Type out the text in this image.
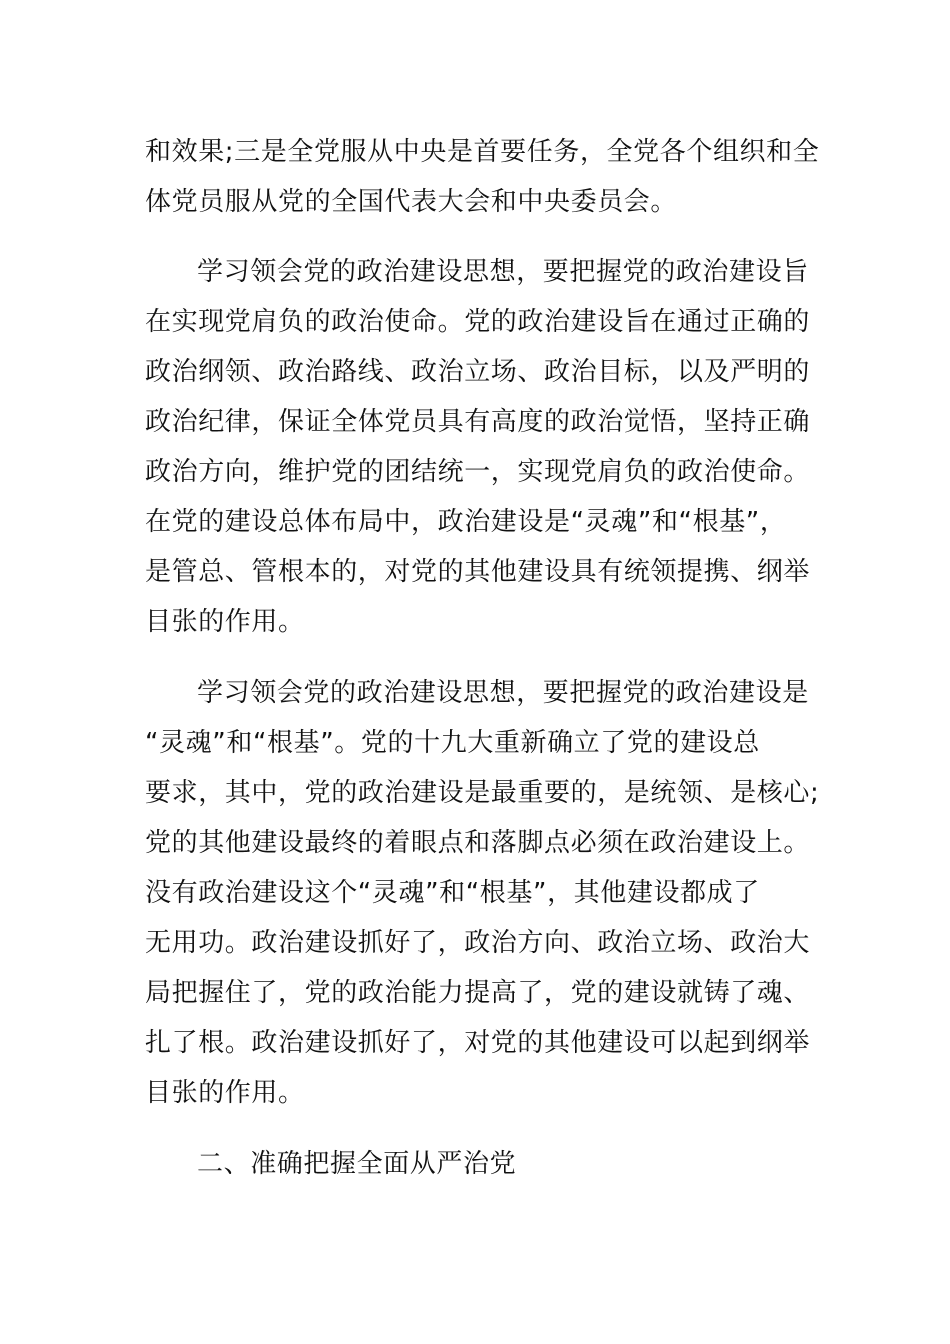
和效果;三是全党服从中央是首要任务，全党各个组织和全
体党员服从党的全国代表大会和中央委员会。
学习领会党的政治建设思想，要把握党的政治建设旨
在实现党肩负的政治使命。党的政治建设旨在通过正确的
政治纲领、政治路线、政治立场、政治目标，以及严明的
政治纪律，保证全体党员具有高度的政治觉悟，坚持正确
政治方向，维护党的团结统一，实现党肩负的政治使命。
在党的建设总体布局中，政治建设是“灵魂”和“根基”，
是管总、管根本的，对党的其他建设具有统领提携、纲举
目张的作用。
学习领会党的政治建设思想，要把握党的政治建设是
“灵魂”和“根基”。党的十九大重新确立了党的建设总
要求，其中，党的政治建设是最重要的，是统领、是核心;
党的其他建设最终的着眼点和落脚点必须在政治建设上。
没有政治建设这个“灵魂”和“根基”，其他建设都成了
无用功。政治建设抓好了，政治方向、政治立场、政治大
局把握住了，党的政治能力提高了，党的建设就铸了魂、
扎了根。政治建设抓好了，对党的其他建设可以起到纲举
目张的作用。
二、准确把握全面从严治党
